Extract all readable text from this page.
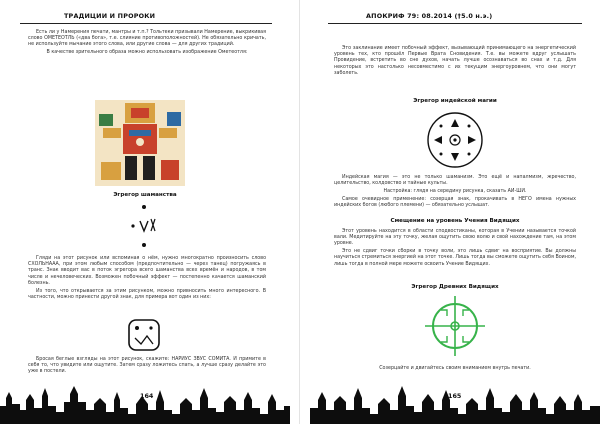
ТРАДИЦИИ И ПРОРОКИ

Есть ли у Намерения печати, мантры и т.п.? Тольтеки призывали Намерение, выкрикивая слово ОМЕТЕОТЛЬ («два бога», т.е. слияние противоположностей). Не обязательно кричать, не используйте мычание этого слова, или другие слова — для других традиций.

В качестве зрительного образа можно использовать изображение Ометеотля:

Эгрегор шаманства

Гляди на этот рисунок или вспоминая о нём, нужно многократно произносить слово СХОЛЬНААА, при этом любым способом (предпочтительно — через танец) погружаясь в транс. Знак вводит вас в поток эгрегора всего шаманства всех времён и народов, в том числе и нечеловеческих. Возможен побочный эффект — постепенно качается шаманский болезнь.

Из того, что открывается за этим рисунком, можно привносить много интересного. В частности, можно принести другой знак, для примера вот один из них:

Бросая беглые взгляды на этот рисунок, скажите: НАРИУС ЗВУС СОМИТА. И примите в себя то, что увидите или ощутите. Затем сразу ложитесь спать, а лучше сразу делайте это уже в постели.

164
АПОКРИФ 79: 08.2014 (†5.0 н.э.)

Это заклинание имеет побочный эффект, вызывающий принимающего на энергетический уровень тех, кто прошёл Первые Врата Сновидения. Т.е. вы можете вдруг услышать Провидение, встретить во сне духов, начать лучше осознаваться во снах и т.д. Для некоторых это настолько несовместимо с их текущим энергоуровнем, что они могут заболеть.

Эгрегор индейской магии

Индейская магия — это не только шаманизм. Это ещё и напалмизм, жречество, целительство, колдовство и тайные культы.

Настройка: глядя на середину рисунка, сказать АИ-ШИ.

Самое очевидное применение: созерцая знак, прокачивать в НЕГО имена нужных индейских богов (любого племени) — обязательно услышат.

Смещение на уровень Учения Видящих

Этот уровень находится в области сподвостиканы, которая в Учении называется точкой вали. Медитируйте на эту точку, желая ощутить свою волю и свой нахождение там, на этом уровне.

Это не сдвиг точки сборки в точку воли, это лишь сдвиг на восприятие. Вы должны научиться стремиться энергией на этот точке. Лишь тогда вы сможете ощутить себя Воином, лишь тогда в полной мере можете освоить Учение Видящих.

Эгрегор Древних Видящих

Созерцайте и двигайтесь своим вниманием внутрь печати.

165
